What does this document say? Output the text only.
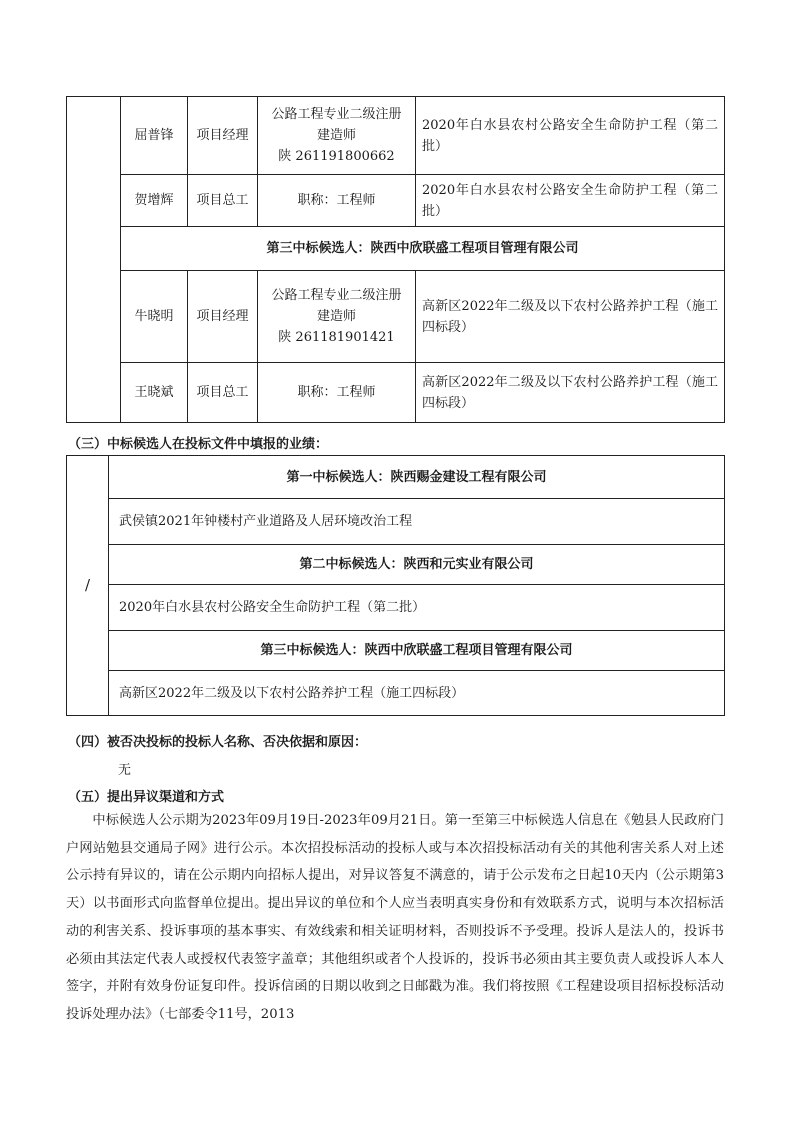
	屈普锋	项目经理	公路工程专业二级注册
建造师
陕 261191800662	2020年白水县农村公路安全生命防护工程（第二批）
	贺增辉	项目总工	职称：工程师	2020年白水县农村公路安全生命防护工程（第二批）
	第三中标候选人：陕西中欣联盛工程项目管理有限公司			
	牛晓明	项目经理	公路工程专业二级注册
建造师
陕 261181901421	高新区2022年二级及以下农村公路养护工程（施工四标段）
	王晓斌	项目总工	职称：工程师	高新区2022年二级及以下农村公路养护工程（施工四标段）
（三）中标候选人在投标文件中填报的业绩：
/	第一中标候选人：陕西赐金建设工程有限公司
武侯镇2021年钟楼村产业道路及人居环境改治工程
第二中标候选人：陕西和元实业有限公司
2020年白水县农村公路安全生命防护工程（第二批）
第三中标候选人：陕西中欣联盛工程项目管理有限公司
高新区2022年二级及以下农村公路养护工程（施工四标段）
（四）被否决投标的投标人名称、否决依据和原因：
无
（五）提出异议渠道和方式
中标候选人公示期为2023年09月19日-2023年09月21日。第一至第三中标候选人信息在《勉县人民政府门户网站勉县交通局子网》进行公示。本次招投标活动的投标人或与本次招投标活动有关的其他利害关系人对上述公示持有异议的，请在公示期内向招标人提出，对异议答复不满意的，请于公示发布之日起10天内（公示期第3天）以书面形式向监督单位提出。提出异议的单位和个人应当表明真实身份和有效联系方式，说明与本次招标活动的利害关系、投诉事项的基本事实、有效线索和相关证明材料，否则投诉不予受理。投诉人是法人的，投诉书必须由其法定代表人或授权代表签字盖章；其他组织或者个人投诉的，投诉书必须由其主要负责人或投诉人本人签字，并附有效身份证复印件。投诉信函的日期以收到之日邮戳为准。我们将按照《工程建设项目招标投标活动投诉处理办法》（七部委令11号，2013
